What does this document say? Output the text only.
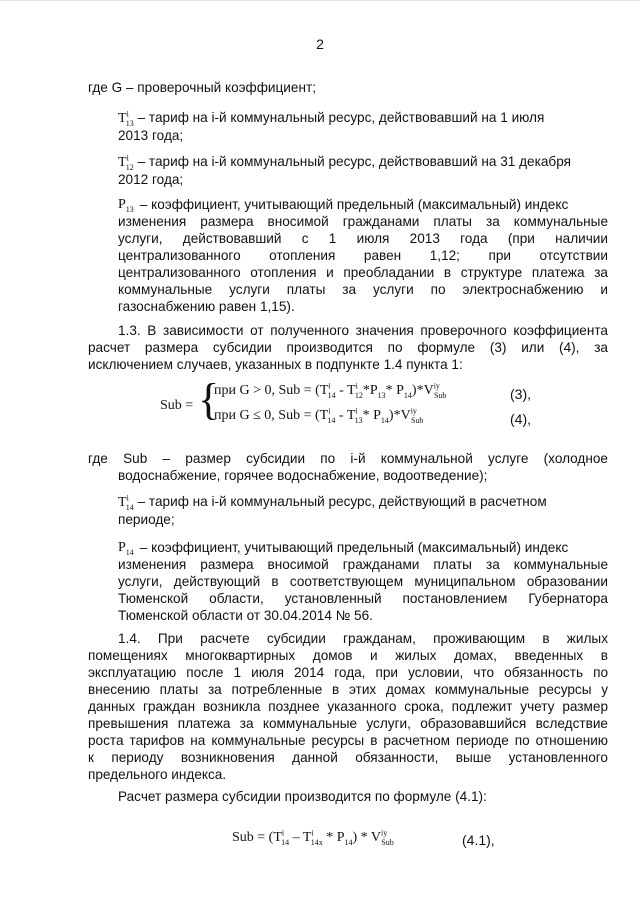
2
где G – проверочный коэффициент;
$T^i_{13}$ – тариф на i-й коммунальный ресурс, действовавший на 1 июля
2013 года;
$T^i_{12}$ – тариф на i-й коммунальный ресурс, действовавший на 31 декабря
2012 года;
$P_{13}$ – коэффициент, учитывающий предельный (максимальный) индекс
изменения размера вносимой гражданами платы за коммунальные
услуги, действовавший с 1 июля 2013 года (при наличии
централизованного отопления равен 1,12; при отсутствии
централизованного отопления и преобладании в структуре платежа за
коммунальные услуги платы за услуги по электроснабжению и
газоснабжению равен 1,15).
1.3. В зависимости от полученного значения проверочного коэффициента
расчет размера субсидии производится по формуле (3) или (4), за
исключением случаев, указанных в подпункте 1.4 пункта 1:
Sub = {
при G > 0, Sub = ($T^i_{14} - T^i_{12}*P_{13}*$ $P_{14})*V^{iy}_{Sub}$	(3),
при G ≤ 0, Sub = ($T^i_{14} - T^i_{13}*$ $P_{14})*V^{iy}_{Sub}$	(4),
где Sub – размер субсидии по i-й коммунальной услуге (холодное
водоснабжение, горячее водоснабжение, водоотведение);
$T^i_{14}$ – тариф на i-й коммунальный ресурс, действующий в расчетном
периоде;
$P_{14}$ – коэффициент, учитывающий предельный (максимальный) индекс
изменения размера вносимой гражданами платы за коммунальные
услуги, действующий в соответствующем муниципальном образовании
Тюменской области, установленный постановлением Губернатора
Тюменской области от 30.04.2014 № 56.
1.4. При расчете субсидии гражданам, проживающим в жилых
помещениях многоквартирных домов и жилых домах, введенных в
эксплуатацию после 1 июля 2014 года, при условии, что обязанность по
внесению платы за потребленные в этих домах коммунальные ресурсы у
данных граждан возникла позднее указанного срока, подлежит учету размер
превышения платежа за коммунальные услуги, образовавшийся вследствие
роста тарифов на коммунальные ресурсы в расчетном периоде по отношению
к периоду возникновения данной обязанности, выше установленного
предельного индекса.
Расчет размера субсидии производится по формуле (4.1):
Sub = $(T^i_{14} - T^i_{14x} * P_{14}) * V^{iy}_{Sub}$	(4.1),
